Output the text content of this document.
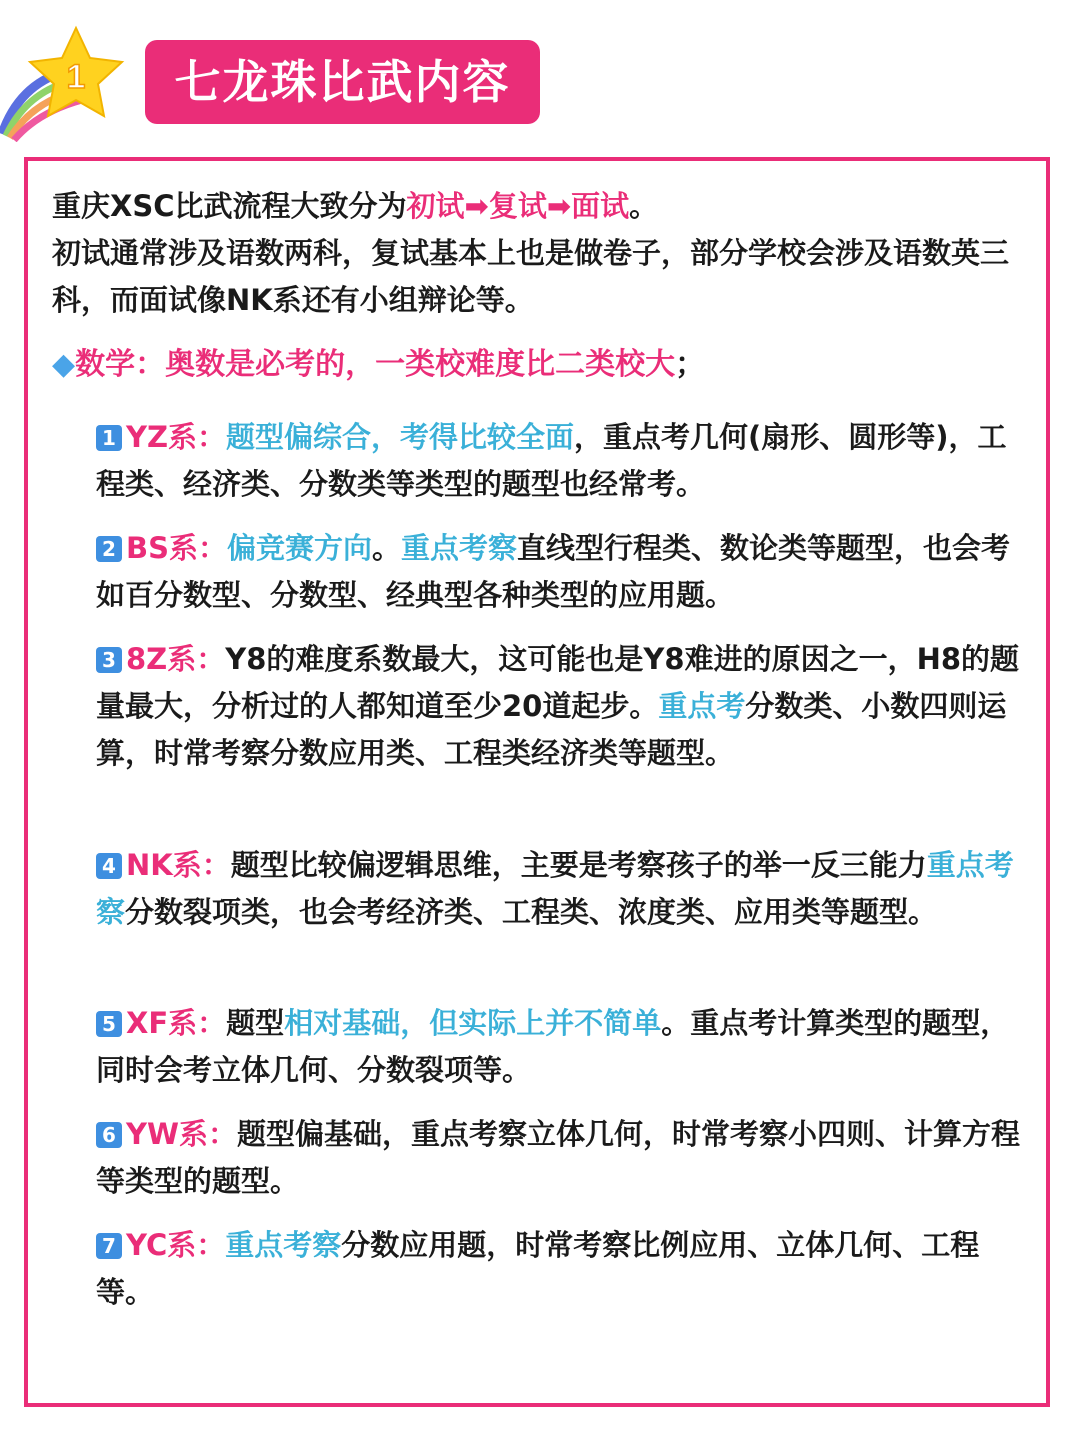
1	七龙珠比武内容
重庆XSC比武流程大致分为初试➡复试➡面试。
初试通常涉及语数两科，复试基本上也是做卷子，部分学校会涉及语数英三科，而面试像NK系还有小组辩论等。
◆数学：奥数是必考的，一类校难度比二类校大；
1 YZ系：题型偏综合，考得比较全面，重点考几何(扇形、圆形等)，工程类、经济类、分数类等类型的题型也经常考。
2 BS系：偏竞赛方向。重点考察直线型行程类、数论类等题型，也会考如百分数型、分数型、经典型各种类型的应用题。
3 8Z系：Y8的难度系数最大，这可能也是Y8难进的原因之一，H8的题量最大，分析过的人都知道至少20道起步。重点考分数类、小数四则运算，时常考察分数应用类、工程类经济类等题型。
4 NK系：题型比较偏逻辑思维，主要是考察孩子的举一反三能力重点考察分数裂项类，也会考经济类、工程类、浓度类、应用类等题型。
5 XF系：题型相对基础，但实际上并不简单。重点考计算类型的题型，同时会考立体几何、分数裂项等。
6 YW系：题型偏基础，重点考察立体几何，时常考察小四则、计算方程等类型的题型。
7 YC系：重点考察分数应用题，时常考察比例应用、立体几何、工程等。
